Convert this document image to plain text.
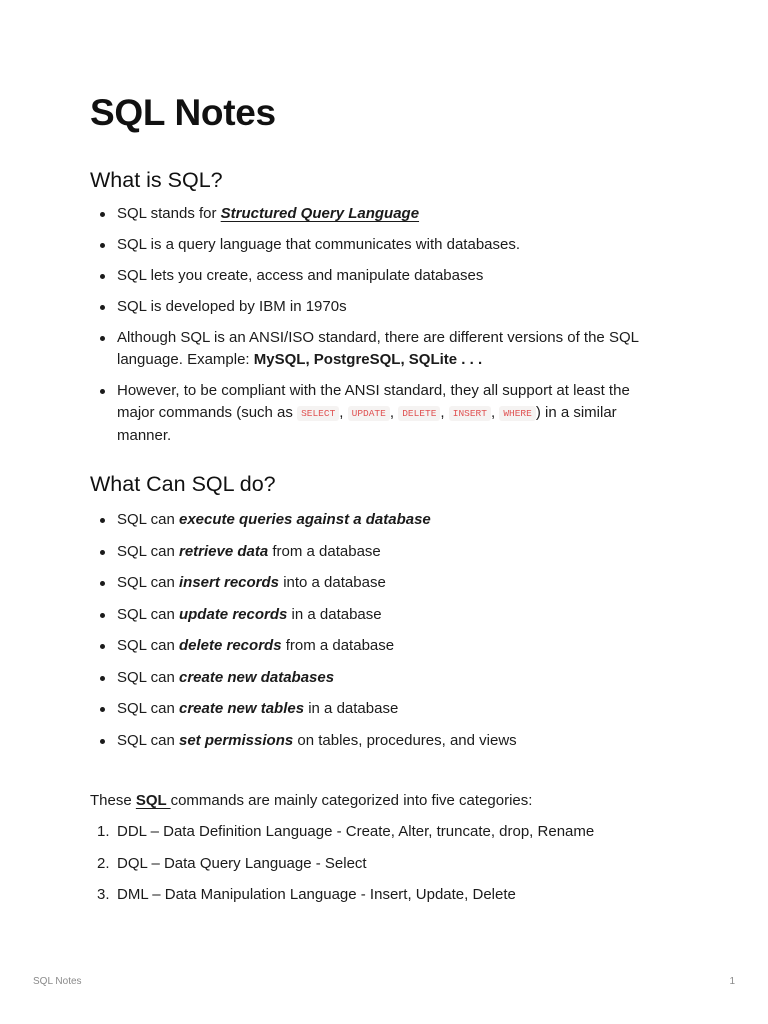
SQL Notes
What is SQL?
SQL stands for Structured Query Language
SQL is a query language that communicates with databases.
SQL lets you create, access and manipulate databases
SQL is developed by IBM in 1970s
Although SQL is an ANSI/ISO standard, there are different versions of the SQL language. Example: MySQL, PostgreSQL, SQLite . . .
However, to be compliant with the ANSI standard, they all support at least the major commands (such as SELECT , UPDATE , DELETE , INSERT , WHERE ) in a similar manner.
What Can SQL do?
SQL can execute queries against a database
SQL can retrieve data from a database
SQL can insert records into a database
SQL can update records in a database
SQL can delete records from a database
SQL can create new databases
SQL can create new tables in a database
SQL can set permissions on tables, procedures, and views

These SQL commands are mainly categorized into five categories:

1. DDL – Data Definition Language - Create, Alter, truncate, drop, Rename
2. DQL – Data Query Language - Select
3. DML – Data Manipulation Language - Insert, Update, Delete
SQL Notes	1
